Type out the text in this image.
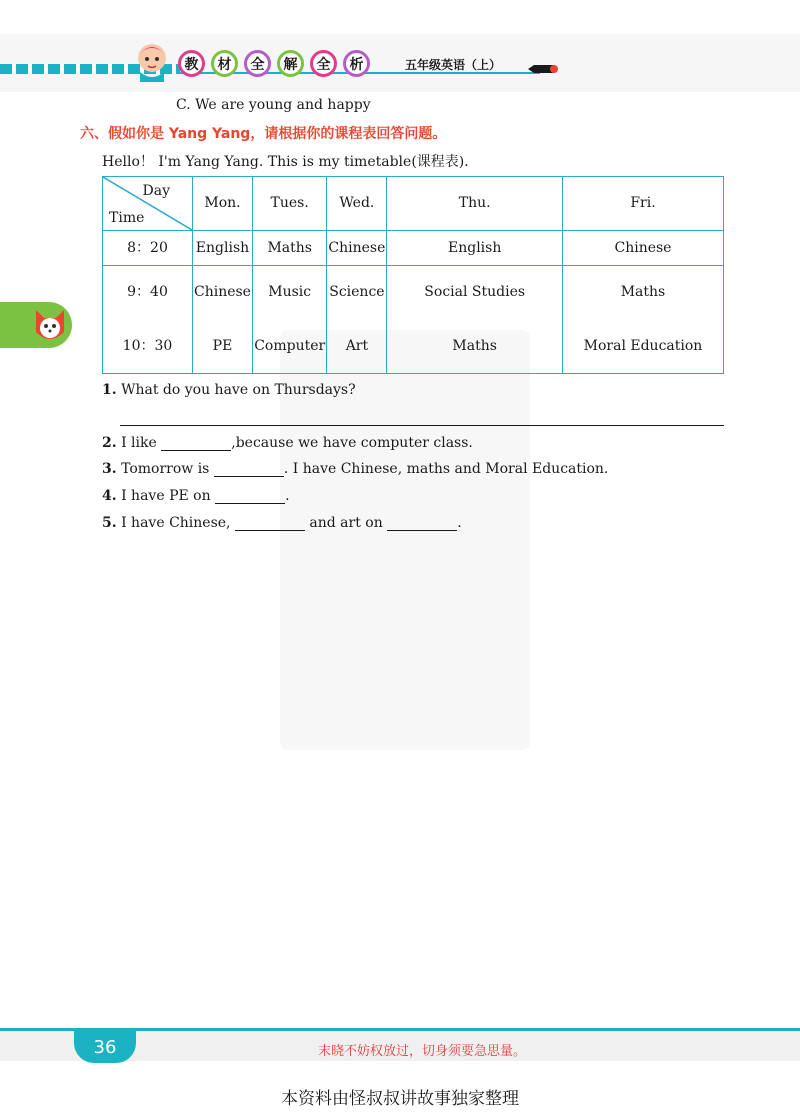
教	材	全	解	全	析	五年级英语（上）
C. We are young and happy
六、假如你是 Yang Yang，请根据你的课程表回答问题。
Hello！ I'm Yang Yang. This is my timetable(课程表).
Day
Time	Mon.	Tues.	Wed.	Thu.	Fri.
8：20	English	Maths	Chinese	English	Chinese
9：40	Chinese	Music	Science	Social Studies	Maths
10：30	PE	Computer	Art	Maths	Moral Education
1. What do you have on Thursdays?
2. I like	,because we have computer class.
3. Tomorrow is	. I have Chinese, maths and Moral Education.
4. I have PE on	.
5. I have Chinese,	and art on	.
36	末晓不妨权放过，切身须要急思量。
本资料由怪叔叔讲故事独家整理
